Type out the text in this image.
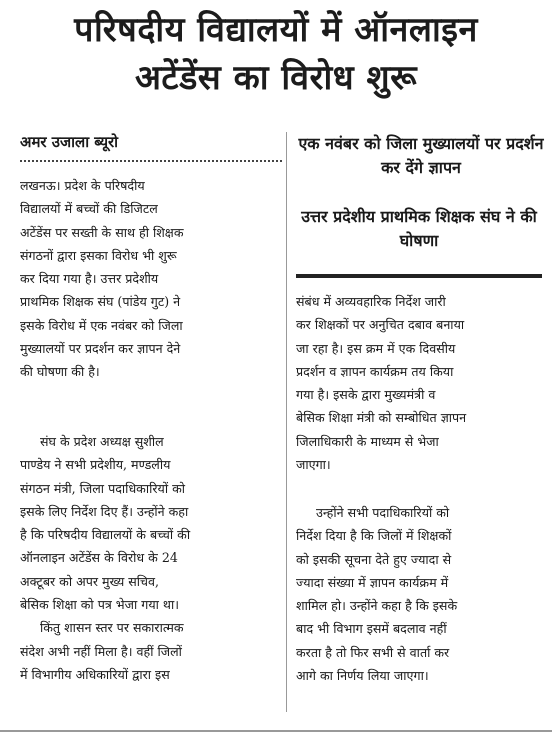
परिषदीय विद्यालयों में ऑनलाइन
अटेंडेंस का विरोध शुरू
अमर उजाला ब्यूरो	एक नवंबर को जिला मुख्यालयों पर प्रदर्शन कर देंगे ज्ञापन
उत्तर प्रदेशीय प्राथमिक शिक्षक संघ ने की घोषणा
लखनऊ। प्रदेश के परिषदीय
विद्यालयों में बच्चों की डिजिटल
अटेंडेंस पर सख्ती के साथ ही शिक्षक
संगठनों द्वारा इसका विरोध भी शुरू
कर दिया गया है। उत्तर प्रदेशीय
प्राथमिक शिक्षक संघ (पांडेय गुट) ने
इसके विरोध में एक नवंबर को जिला
मुख्यालयों पर प्रदर्शन कर ज्ञापन देने
की घोषणा की है।
संघ के प्रदेश अध्यक्ष सुशील
पाण्डेय ने सभी प्रदेशीय, मण्डलीय
संगठन मंत्री, जिला पदाधिकारियों को
इसके लिए निर्देश दिए हैं। उन्होंने कहा
है कि परिषदीय विद्यालयों के बच्चों की
ऑनलाइन अटेंडेंस के विरोध के 24
अक्टूबर को अपर मुख्य सचिव,
बेसिक शिक्षा को पत्र भेजा गया था।
किंतु शासन स्तर पर सकारात्मक
संदेश अभी नहीं मिला है। वहीं जिलों
में विभागीय अधिकारियों द्वारा इस
संबंध में अव्यवहारिक निर्देश जारी
कर शिक्षकों पर अनुचित दबाव बनाया
जा रहा है। इस क्रम में एक दिवसीय
प्रदर्शन व ज्ञापन कार्यक्रम तय किया
गया है। इसके द्वारा मुख्यमंत्री व
बेसिक शिक्षा मंत्री को सम्बोधित ज्ञापन
जिलाधिकारी के माध्यम से भेजा
जाएगा।
उन्होंने सभी पदाधिकारियों को
निर्देश दिया है कि जिलों में शिक्षकों
को इसकी सूचना देते हुए ज्यादा से
ज्यादा संख्या में ज्ञापन कार्यक्रम में
शामिल हो। उन्होंने कहा है कि इसके
बाद भी विभाग इसमें बदलाव नहीं
करता है तो फिर सभी से वार्ता कर
आगे का निर्णय लिया जाएगा।
